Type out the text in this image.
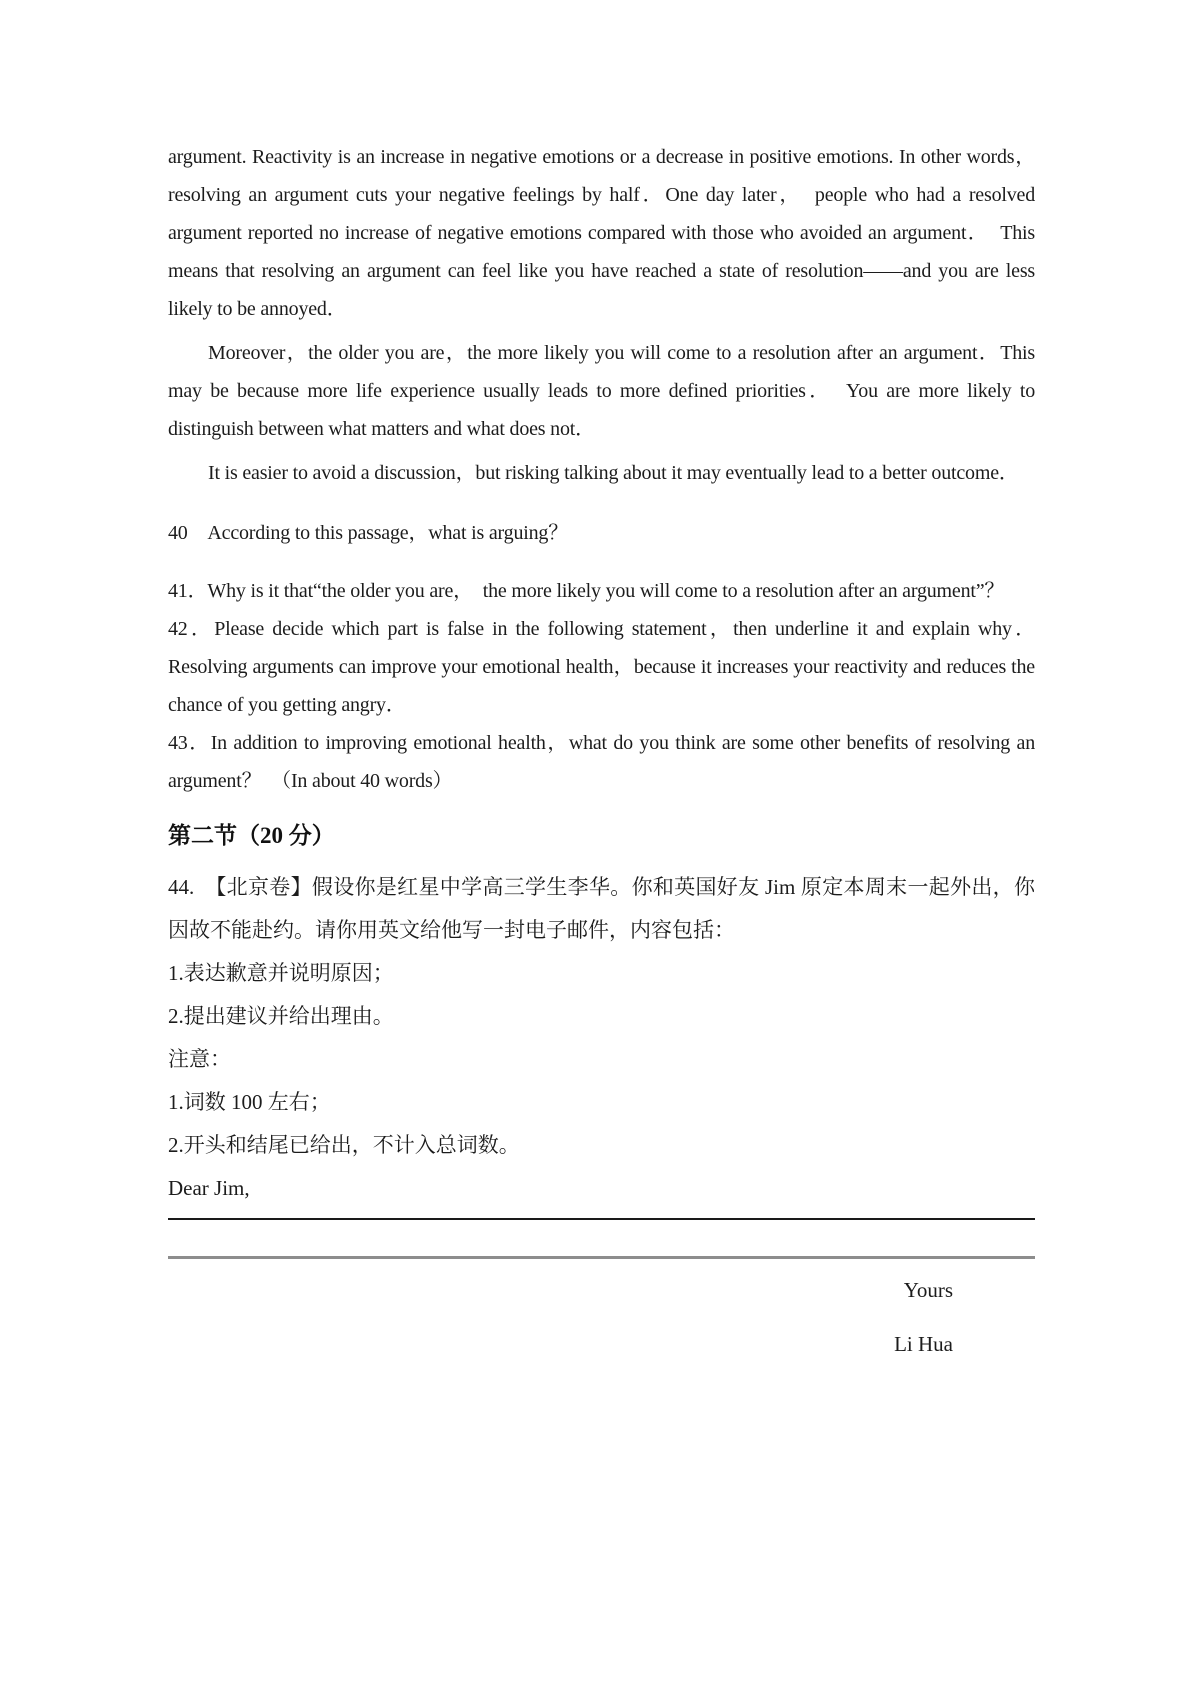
argument. Reactivity is an increase in negative emotions or a decrease in positive emotions. In other words，resolving an argument cuts your negative feelings by half．One day later，　people who had a resolved argument reported no increase of negative emotions compared with those who avoided an argument．　This means that resolving an argument can feel like you have reached a state of resolution——and you are less likely to be annoyed．

Moreover，the older you are，the more likely you will come to a resolution after an argument．This may be because more life experience usually leads to more defined priorities．　You are more likely to distinguish between what matters and what does not．

It is easier to avoid a discussion，but risking talking about it may eventually lead to a better outcome．

40　According to this passage，what is arguing？

41．Why is it that“the older you are，　the more likely you will come to a resolution after an argument”？

42．Please decide which part is false in the following statement，then underline it and explain why．Resolving arguments can improve your emotional health，because it increases your reactivity and reduces the chance of you getting angry．

43．In addition to improving emotional health，what do you think are some other benefits of resolving an argument？　（In about 40 words）

第二节（20 分）

44.　【北京卷】假设你是红星中学高三学生李华。你和英国好友 Jim 原定本周末一起外出，你因故不能赴约。请你用英文给他写一封电子邮件，内容包括：

1.表达歉意并说明原因；

2.提出建议并给出理由。

注意：

1.词数 100 左右；

2.开头和结尾已给出，不计入总词数。

Dear Jim,

Yours

Li Hua
